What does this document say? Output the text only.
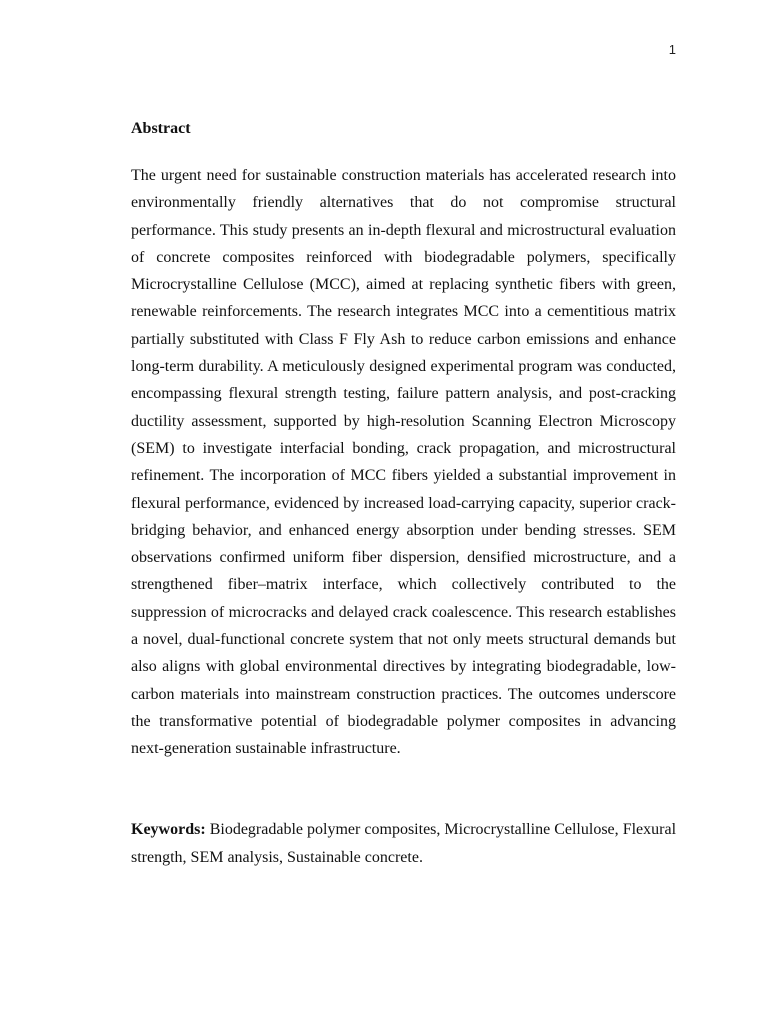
1
Abstract

The urgent need for sustainable construction materials has accelerated research into environmentally friendly alternatives that do not compromise structural performance. This study presents an in-depth flexural and microstructural evaluation of concrete composites reinforced with biodegradable polymers, specifically Microcrystalline Cellulose (MCC), aimed at replacing synthetic fibers with green, renewable reinforcements. The research integrates MCC into a cementitious matrix partially substituted with Class F Fly Ash to reduce carbon emissions and enhance long-term durability. A meticulously designed experimental program was conducted, encompassing flexural strength testing, failure pattern analysis, and post-cracking ductility assessment, supported by high-resolution Scanning Electron Microscopy (SEM) to investigate interfacial bonding, crack propagation, and microstructural refinement. The incorporation of MCC fibers yielded a substantial improvement in flexural performance, evidenced by increased load-carrying capacity, superior crack-bridging behavior, and enhanced energy absorption under bending stresses. SEM observations confirmed uniform fiber dispersion, densified microstructure, and a strengthened fiber–matrix interface, which collectively contributed to the suppression of microcracks and delayed crack coalescence. This research establishes a novel, dual-functional concrete system that not only meets structural demands but also aligns with global environmental directives by integrating biodegradable, low-carbon materials into mainstream construction practices. The outcomes underscore the transformative potential of biodegradable polymer composites in advancing next-generation sustainable infrastructure.

Keywords: Biodegradable polymer composites, Microcrystalline Cellulose, Flexural strength, SEM analysis, Sustainable concrete.
